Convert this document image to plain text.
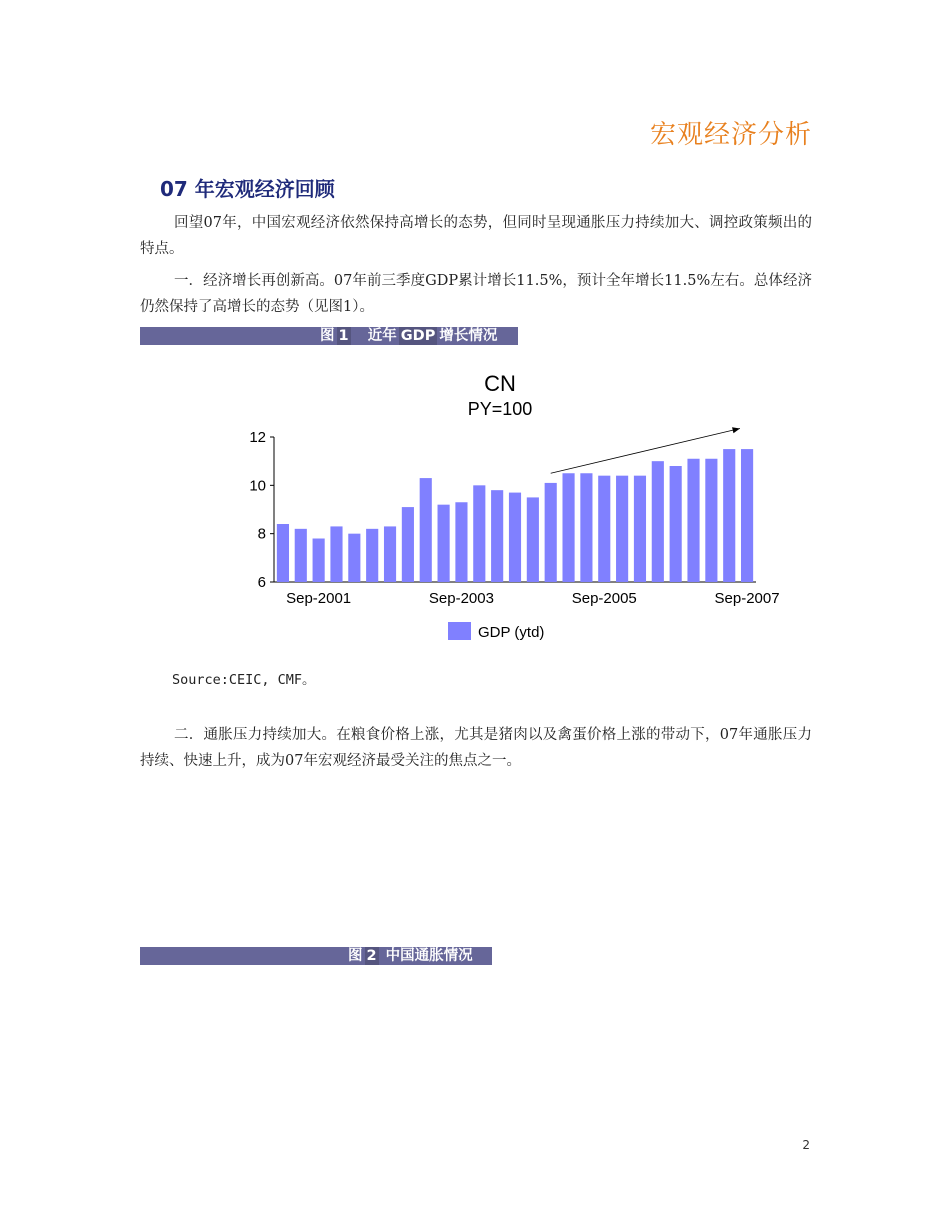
宏观经济分析
07 年宏观经济回顾
回望07年，中国宏观经济依然保持高增长的态势，但同时呈现通胀压力持续加大、调控政策频出的特点。
一．经济增长再创新高。07年前三季度GDP累计增长11.5%，预计全年增长11.5%左右。总体经济仍然保持了高增长的态势（见图1）。
图 1 近年 GDP 增长情况
CN
PY=100
6
8
10
12
Sep-2001	Sep-2003	Sep-2005	Sep-2007
GDP (ytd)
Source:CEIC, CMF。
二．通胀压力持续加大。在粮食价格上涨，尤其是猪肉以及禽蛋价格上涨的带动下，07年通胀压力持续、快速上升，成为07年宏观经济最受关注的焦点之一。
图 2 中国通胀情况
2
